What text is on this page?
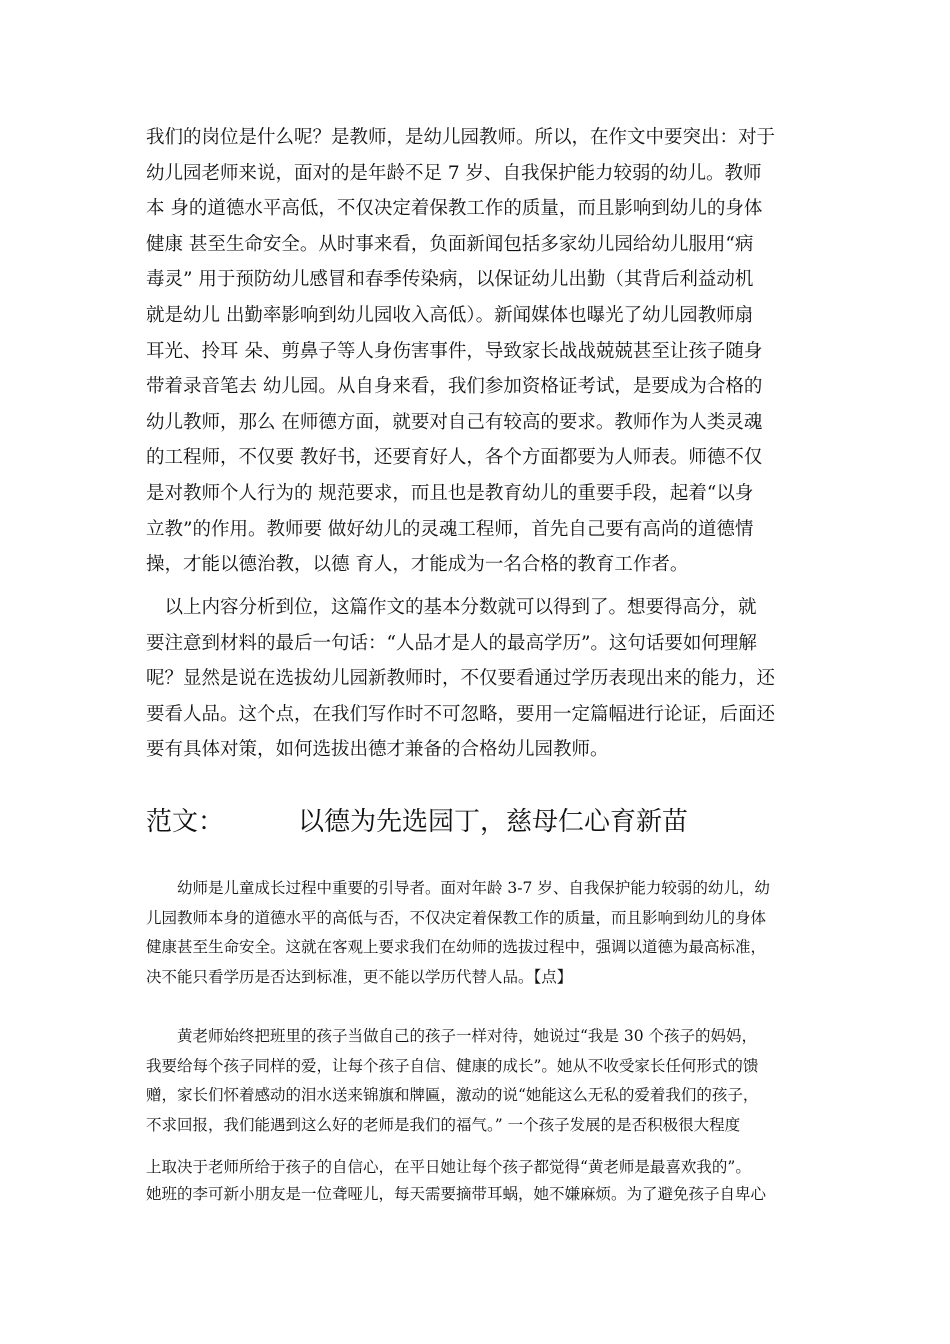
我们的岗位是什么呢？是教师，是幼儿园教师。所以，在作文中要突出：对于
幼儿园老师来说，面对的是年龄不足 7 岁、自我保护能力较弱的幼儿。教师
本 身的道德水平高低，不仅决定着保教工作的质量，而且影响到幼儿的身体
健康 甚至生命安全。从时事来看，负面新闻包括多家幼儿园给幼儿服用“病
毒灵” 用于预防幼儿感冒和春季传染病，以保证幼儿出勤（其背后利益动机
就是幼儿 出勤率影响到幼儿园收入高低）。新闻媒体也曝光了幼儿园教师扇
耳光、拎耳 朵、剪鼻子等人身伤害事件，导致家长战战兢兢甚至让孩子随身
带着录音笔去 幼儿园。从自身来看，我们参加资格证考试，是要成为合格的
幼儿教师，那么 在师德方面，就要对自己有较高的要求。教师作为人类灵魂
的工程师，不仅要 教好书，还要育好人，各个方面都要为人师表。师德不仅
是对教师个人行为的 规范要求，而且也是教育幼儿的重要手段，起着“以身
立教”的作用。教师要 做好幼儿的灵魂工程师，首先自己要有高尚的道德情
操，才能以德治教，以德 育人，才能成为一名合格的教育工作者。
　以上内容分析到位，这篇作文的基本分数就可以得到了。想要得高分，就
要注意到材料的最后一句话：“人品才是人的最高学历”。这句话要如何理解
呢？显然是说在选拔幼儿园新教师时，不仅要看通过学历表现出来的能力，还
要看人品。这个点，在我们写作时不可忽略，要用一定篇幅进行论证，后面还
要有具体对策，如何选拔出德才兼备的合格幼儿园教师。
范文：	以德为先选园丁，慈母仁心育新苗
　　幼师是儿童成长过程中重要的引导者。面对年龄 3-7 岁、自我保护能力较弱的幼儿，幼
儿园教师本身的道德水平的高低与否，不仅决定着保教工作的质量，而且影响到幼儿的身体
健康甚至生命安全。这就在客观上要求我们在幼师的选拔过程中，强调以道德为最高标准，
决不能只看学历是否达到标准，更不能以学历代替人品。【点】
　　黄老师始终把班里的孩子当做自己的孩子一样对待，她说过“我是 30 个孩子的妈妈，
我要给每个孩子同样的爱，让每个孩子自信、健康的成长”。她从不收受家长任何形式的馈
赠，家长们怀着感动的泪水送来锦旗和牌匾，激动的说“她能这么无私的爱着我们的孩子，
不求回报，我们能遇到这么好的老师是我们的福气。” 一个孩子发展的是否积极很大程度
上取决于老师所给于孩子的自信心，在平日她让每个孩子都觉得“黄老师是最喜欢我的”。
她班的李可新小朋友是一位聋哑儿，每天需要摘带耳蜗，她不嫌麻烦。为了避免孩子自卑心
